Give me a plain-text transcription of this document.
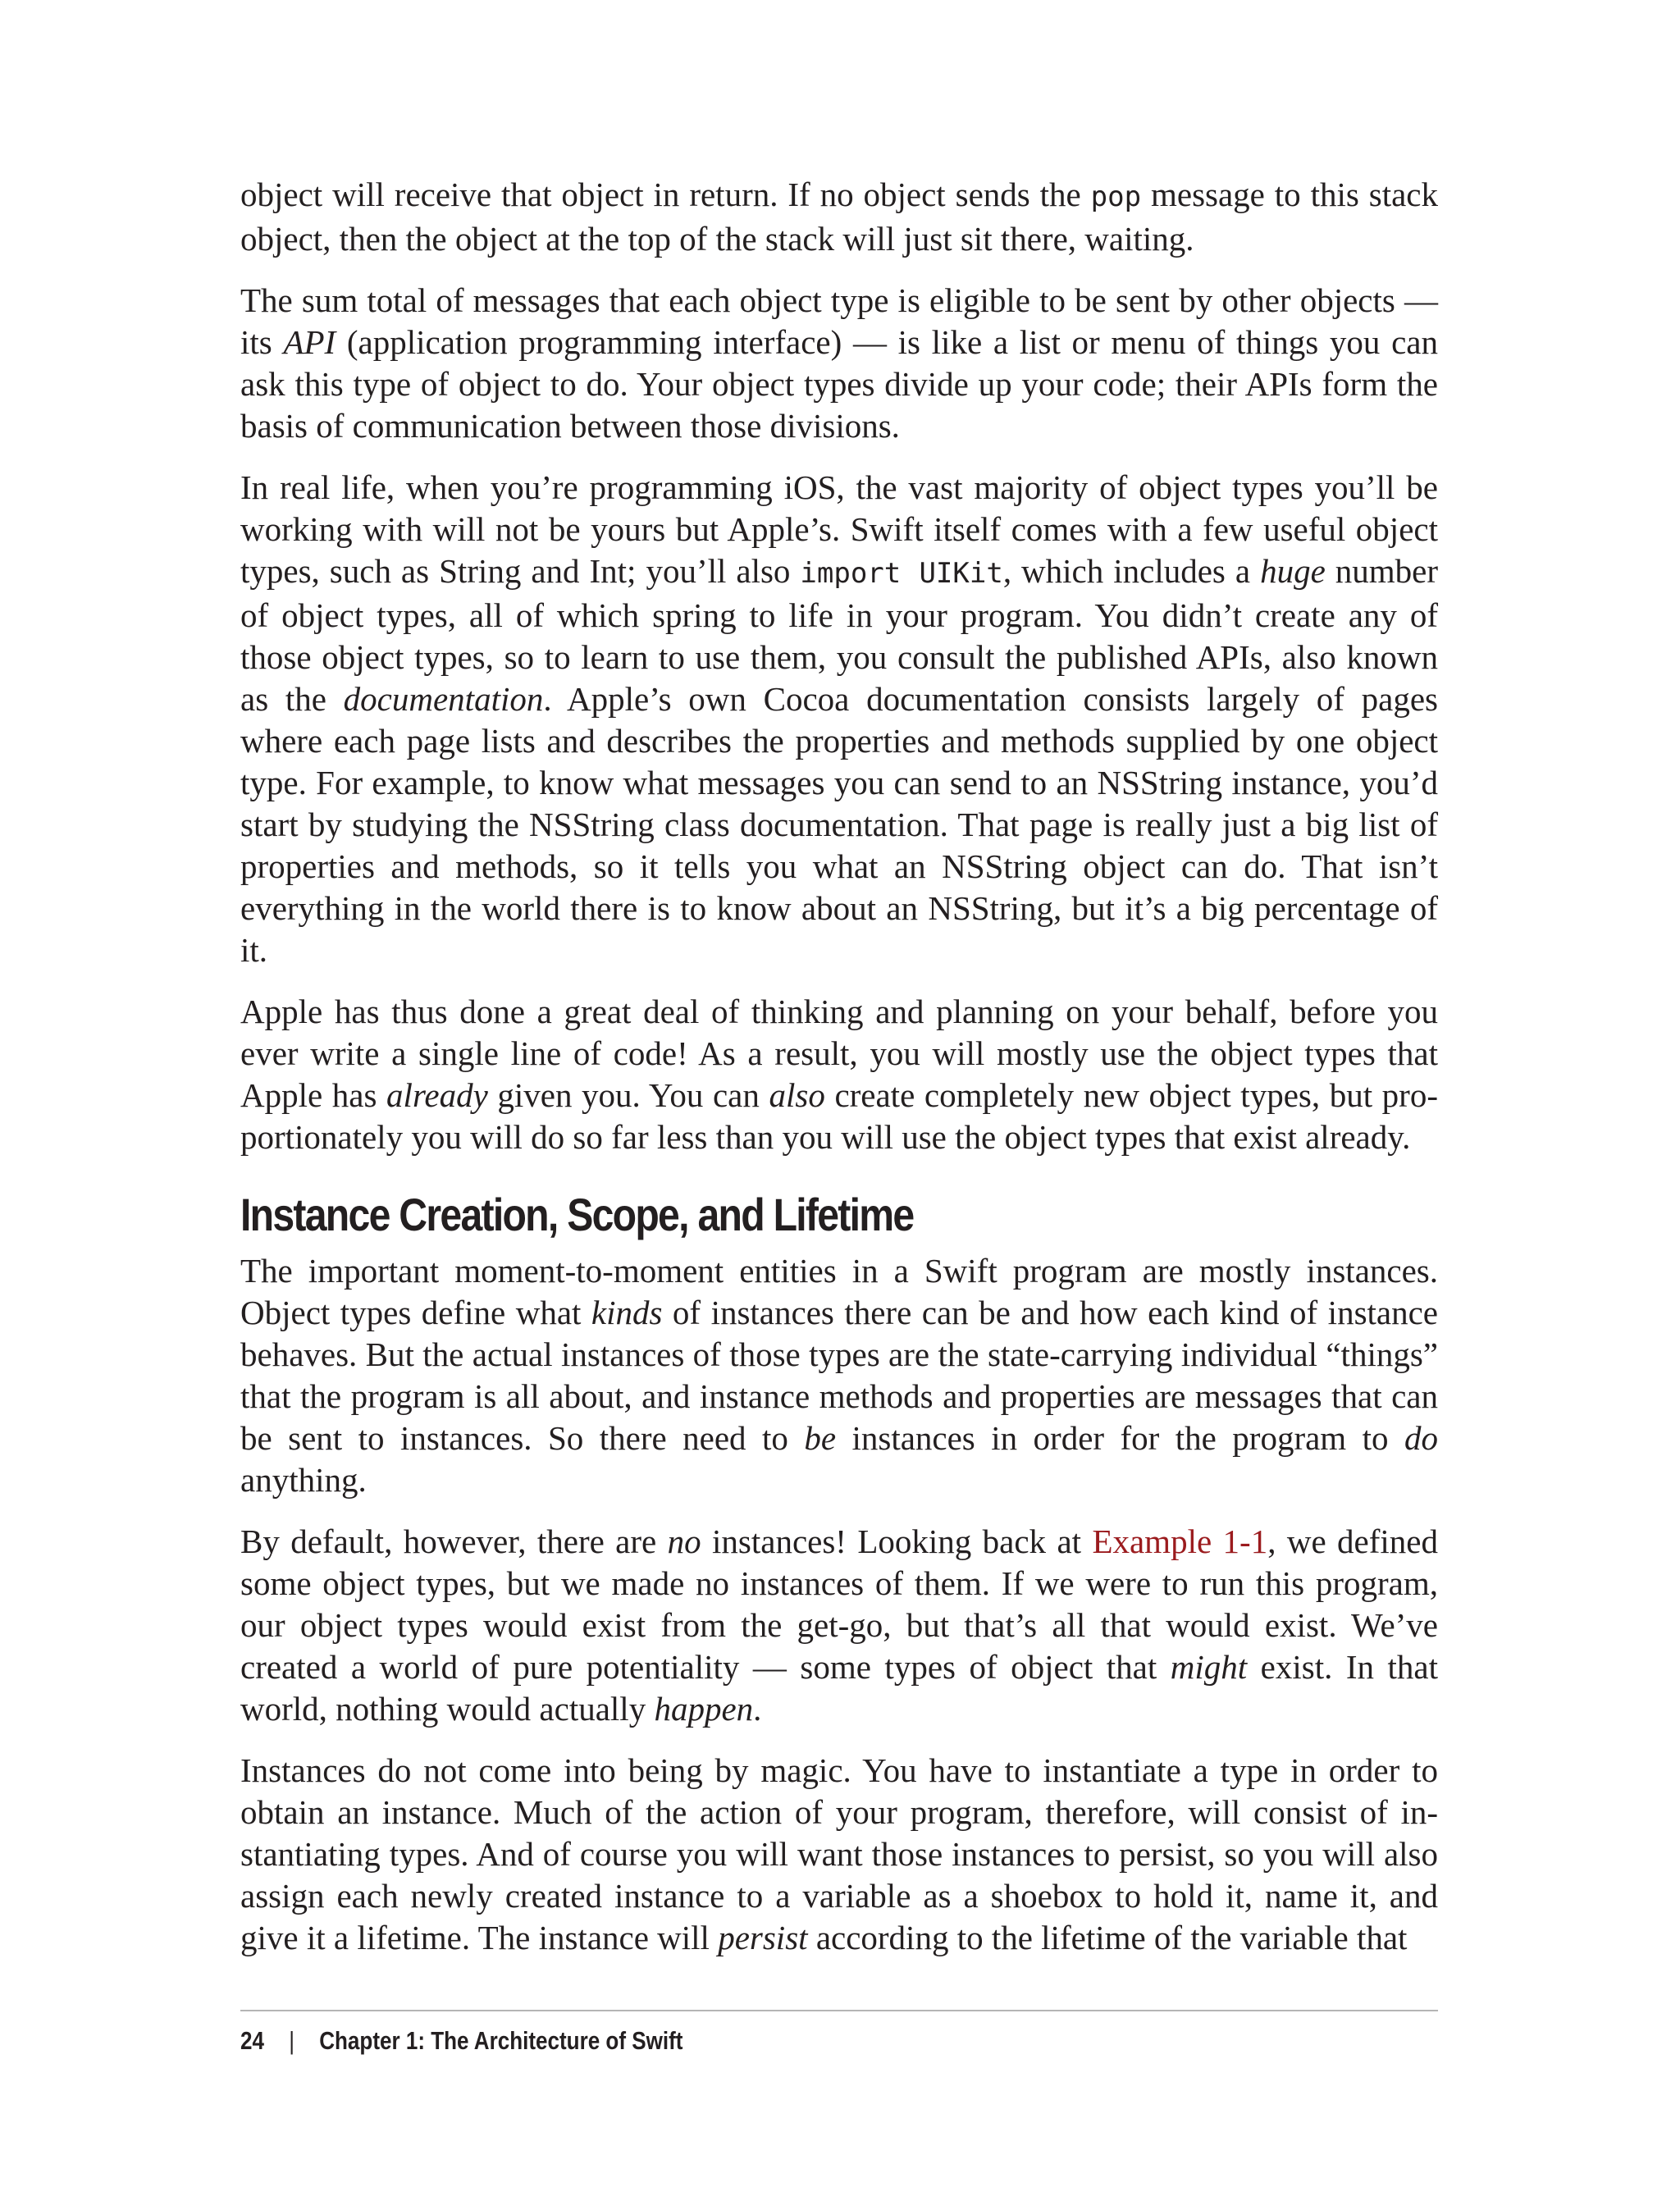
object will receive that object in return. If no object sends the pop message to this stack object, then the object at the top of the stack will just sit there, waiting.

The sum total of messages that each object type is eligible to be sent by other objects — its API (application programming interface) — is like a list or menu of things you can ask this type of object to do. Your object types divide up your code; their APIs form the basis of communication between those divisions.

In real life, when you’re programming iOS, the vast majority of object types you’ll be working with will not be yours but Apple’s. Swift itself comes with a few useful object types, such as String and Int; you’ll also import UIKit, which includes a huge number of object types, all of which spring to life in your program. You didn’t create any of those object types, so to learn to use them, you consult the published APIs, also known as the documentation. Apple’s own Cocoa documentation consists largely of pages where each page lists and describes the properties and methods supplied by one object type. For example, to know what messages you can send to an NSString instance, you’d start by studying the NSString class documentation. That page is really just a big list of properties and methods, so it tells you what an NSString object can do. That isn’t everything in the world there is to know about an NSString, but it’s a big percentage of it.

Apple has thus done a great deal of thinking and planning on your behalf, before you ever write a single line of code! As a result, you will mostly use the object types that Apple has already given you. You can also create completely new object types, but proportionately you will do so far less than you will use the object types that exist already.

Instance Creation, Scope, and Lifetime

The important moment-to-moment entities in a Swift program are mostly instances. Object types define what kinds of instances there can be and how each kind of instance behaves. But the actual instances of those types are the state-carrying individual “things” that the program is all about, and instance methods and properties are messages that can be sent to instances. So there need to be instances in order for the program to do anything.

By default, however, there are no instances! Looking back at Example 1-1, we defined some object types, but we made no instances of them. If we were to run this program, our object types would exist from the get-go, but that’s all that would exist. We’ve created a world of pure potentiality — some types of object that might exist. In that world, nothing would actually happen.

Instances do not come into being by magic. You have to instantiate a type in order to obtain an instance. Much of the action of your program, therefore, will consist of instantiating types. And of course you will want those instances to persist, so you will also assign each newly created instance to a variable as a shoebox to hold it, name it, and give it a lifetime. The instance will persist according to the lifetime of the variable that

24 | Chapter 1: The Architecture of Swift
